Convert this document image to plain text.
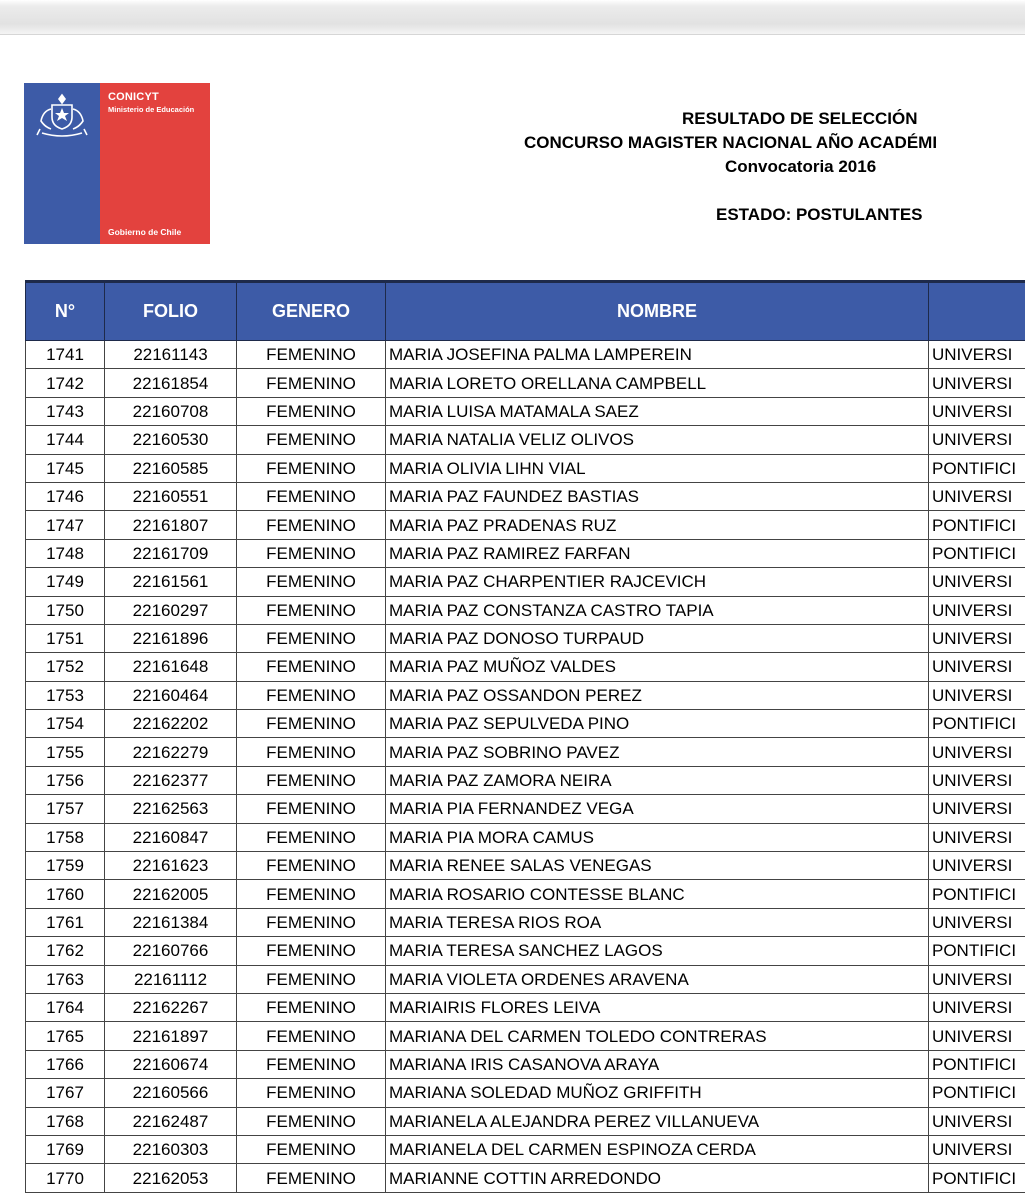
CONICYT
Ministerio de Educación
Gobierno de Chile
RESULTADO DE SELECCIÓN
CONCURSO MAGISTER NACIONAL AÑO ACADÉMI
Convocatoria 2016
ESTADO: POSTULANTES
N°	FOLIO	GENERO	NOMBRE	
1741	22161143	FEMENINO	MARIA JOSEFINA PALMA LAMPEREIN	UNIVERSI
1742	22161854	FEMENINO	MARIA LORETO ORELLANA CAMPBELL	UNIVERSI
1743	22160708	FEMENINO	MARIA LUISA MATAMALA SAEZ	UNIVERSI
1744	22160530	FEMENINO	MARIA NATALIA VELIZ OLIVOS	UNIVERSI
1745	22160585	FEMENINO	MARIA OLIVIA LIHN VIAL	PONTIFICI
1746	22160551	FEMENINO	MARIA PAZ FAUNDEZ BASTIAS	UNIVERSI
1747	22161807	FEMENINO	MARIA PAZ PRADENAS RUZ	PONTIFICI
1748	22161709	FEMENINO	MARIA PAZ RAMIREZ FARFAN	PONTIFICI
1749	22161561	FEMENINO	MARIA PAZ CHARPENTIER RAJCEVICH	UNIVERSI
1750	22160297	FEMENINO	MARIA PAZ CONSTANZA CASTRO TAPIA	UNIVERSI
1751	22161896	FEMENINO	MARIA PAZ DONOSO TURPAUD	UNIVERSI
1752	22161648	FEMENINO	MARIA PAZ MUÑOZ VALDES	UNIVERSI
1753	22160464	FEMENINO	MARIA PAZ OSSANDON PEREZ	UNIVERSI
1754	22162202	FEMENINO	MARIA PAZ SEPULVEDA PINO	PONTIFICI
1755	22162279	FEMENINO	MARIA PAZ SOBRINO PAVEZ	UNIVERSI
1756	22162377	FEMENINO	MARIA PAZ ZAMORA NEIRA	UNIVERSI
1757	22162563	FEMENINO	MARIA PIA FERNANDEZ VEGA	UNIVERSI
1758	22160847	FEMENINO	MARIA PIA MORA CAMUS	UNIVERSI
1759	22161623	FEMENINO	MARIA RENEE SALAS VENEGAS	UNIVERSI
1760	22162005	FEMENINO	MARIA ROSARIO CONTESSE BLANC	PONTIFICI
1761	22161384	FEMENINO	MARIA TERESA RIOS ROA	UNIVERSI
1762	22160766	FEMENINO	MARIA TERESA SANCHEZ LAGOS	PONTIFICI
1763	22161112	FEMENINO	MARIA VIOLETA ORDENES ARAVENA	UNIVERSI
1764	22162267	FEMENINO	MARIAIRIS FLORES LEIVA	UNIVERSI
1765	22161897	FEMENINO	MARIANA DEL CARMEN TOLEDO CONTRERAS	UNIVERSI
1766	22160674	FEMENINO	MARIANA IRIS CASANOVA ARAYA	PONTIFICI
1767	22160566	FEMENINO	MARIANA SOLEDAD MUÑOZ GRIFFITH	PONTIFICI
1768	22162487	FEMENINO	MARIANELA ALEJANDRA PEREZ VILLANUEVA	UNIVERSI
1769	22160303	FEMENINO	MARIANELA DEL CARMEN ESPINOZA CERDA	UNIVERSI
1770	22162053	FEMENINO	MARIANNE COTTIN ARREDONDO	PONTIFICI
